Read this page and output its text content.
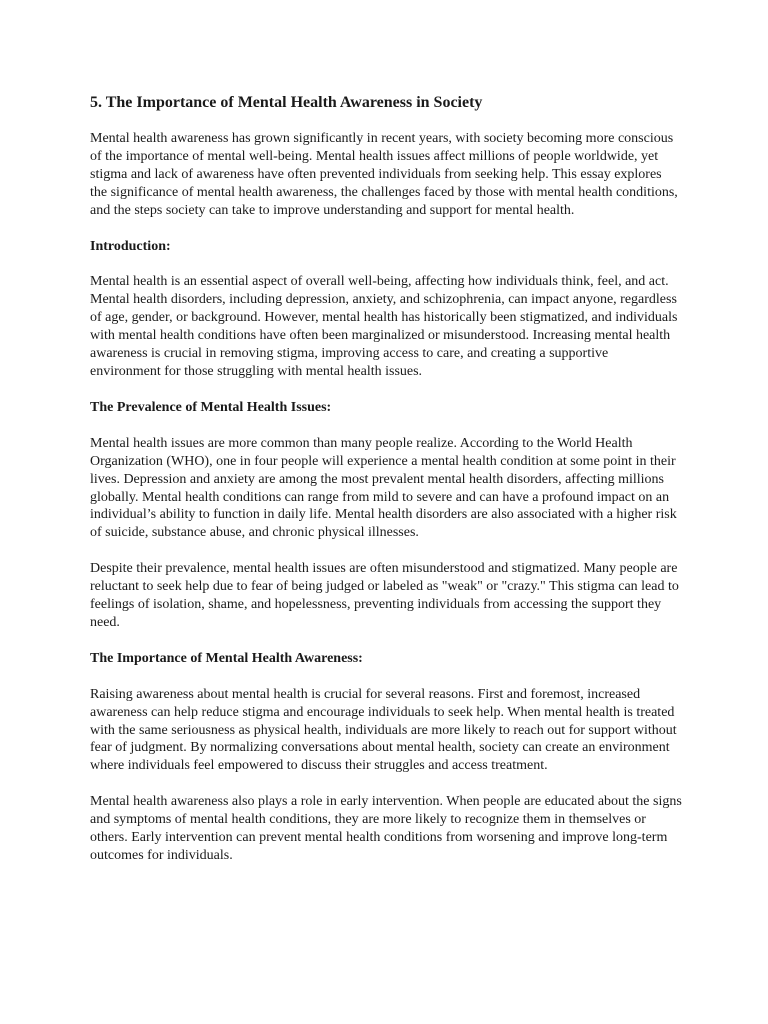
5. The Importance of Mental Health Awareness in Society

Mental health awareness has grown significantly in recent years, with society becoming more conscious of the importance of mental well-being. Mental health issues affect millions of people worldwide, yet stigma and lack of awareness have often prevented individuals from seeking help. This essay explores the significance of mental health awareness, the challenges faced by those with mental health conditions, and the steps society can take to improve understanding and support for mental health.

Introduction:

Mental health is an essential aspect of overall well-being, affecting how individuals think, feel, and act. Mental health disorders, including depression, anxiety, and schizophrenia, can impact anyone, regardless of age, gender, or background. However, mental health has historically been stigmatized, and individuals with mental health conditions have often been marginalized or misunderstood. Increasing mental health awareness is crucial in removing stigma, improving access to care, and creating a supportive environment for those struggling with mental health issues.

The Prevalence of Mental Health Issues:

Mental health issues are more common than many people realize. According to the World Health Organization (WHO), one in four people will experience a mental health condition at some point in their lives. Depression and anxiety are among the most prevalent mental health disorders, affecting millions globally. Mental health conditions can range from mild to severe and can have a profound impact on an individual’s ability to function in daily life. Mental health disorders are also associated with a higher risk of suicide, substance abuse, and chronic physical illnesses.

Despite their prevalence, mental health issues are often misunderstood and stigmatized. Many people are reluctant to seek help due to fear of being judged or labeled as "weak" or "crazy." This stigma can lead to feelings of isolation, shame, and hopelessness, preventing individuals from accessing the support they need.

The Importance of Mental Health Awareness:

Raising awareness about mental health is crucial for several reasons. First and foremost, increased awareness can help reduce stigma and encourage individuals to seek help. When mental health is treated with the same seriousness as physical health, individuals are more likely to reach out for support without fear of judgment. By normalizing conversations about mental health, society can create an environment where individuals feel empowered to discuss their struggles and access treatment.

Mental health awareness also plays a role in early intervention. When people are educated about the signs and symptoms of mental health conditions, they are more likely to recognize them in themselves or others. Early intervention can prevent mental health conditions from worsening and improve long-term outcomes for individuals.
